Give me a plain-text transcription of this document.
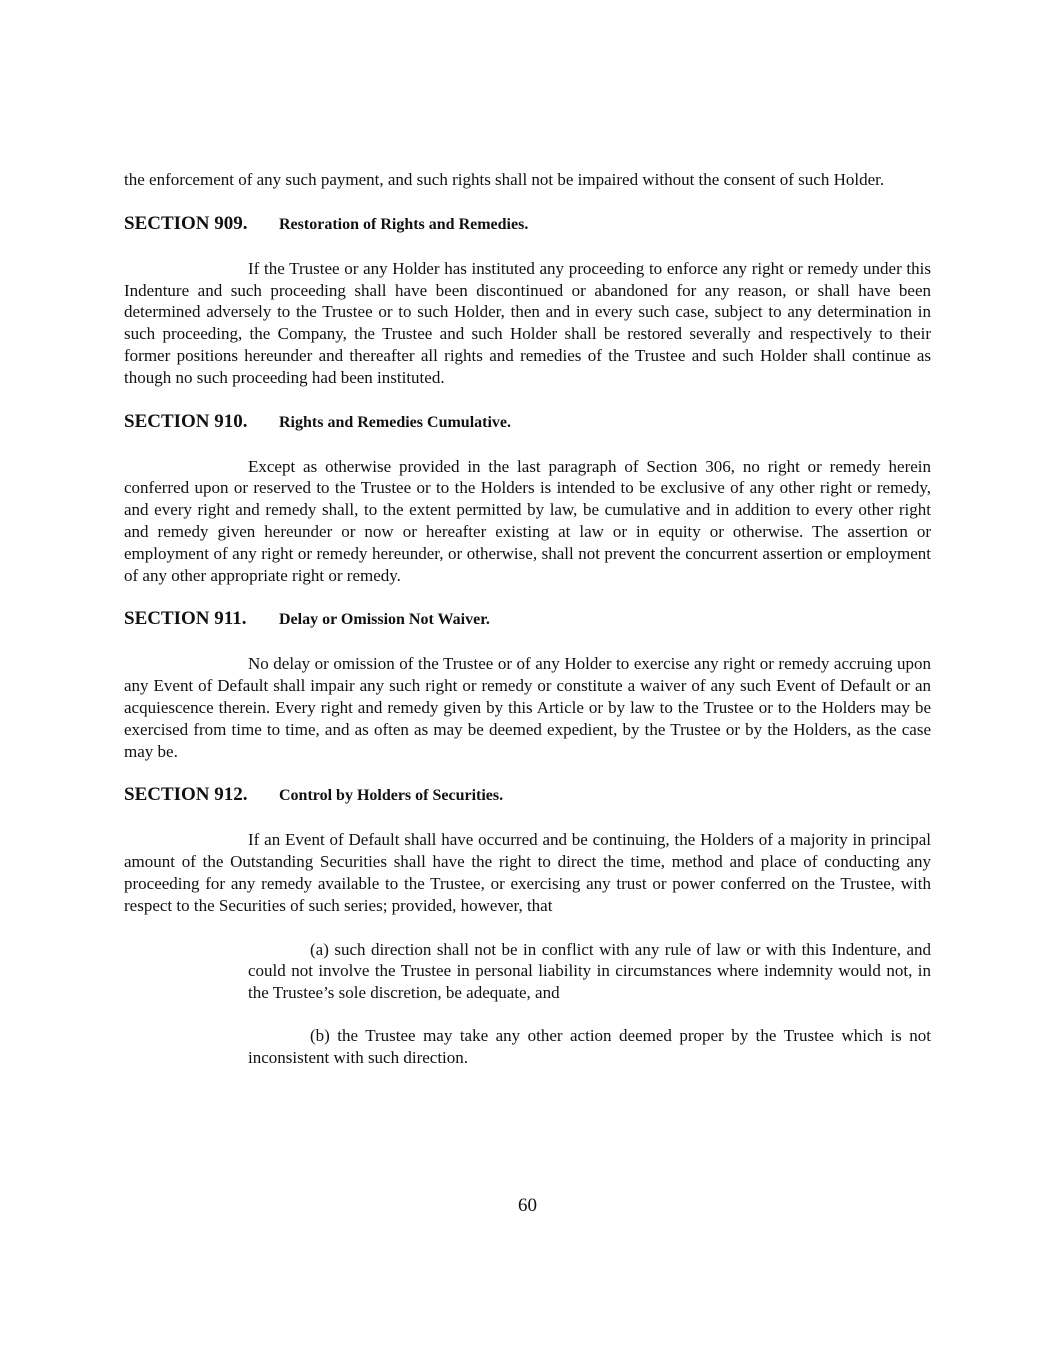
the enforcement of any such payment, and such rights shall not be impaired without the consent of such Holder.

SECTION 909.	Restoration of Rights and Remedies.

If the Trustee or any Holder has instituted any proceeding to enforce any right or remedy under this Indenture and such proceeding shall have been discontinued or abandoned for any reason, or shall have been determined adversely to the Trustee or to such Holder, then and in every such case, subject to any determination in such proceeding, the Company, the Trustee and such Holder shall be restored severally and respectively to their former positions hereunder and thereafter all rights and remedies of the Trustee and such Holder shall continue as though no such proceeding had been instituted.

SECTION 910.	Rights and Remedies Cumulative.

Except as otherwise provided in the last paragraph of Section 306, no right or remedy herein conferred upon or reserved to the Trustee or to the Holders is intended to be exclusive of any other right or remedy, and every right and remedy shall, to the extent permitted by law, be cumulative and in addition to every other right and remedy given hereunder or now or hereafter existing at law or in equity or otherwise. The assertion or employment of any right or remedy hereunder, or otherwise, shall not prevent the concurrent assertion or employment of any other appropriate right or remedy.

SECTION 911.	Delay or Omission Not Waiver.

No delay or omission of the Trustee or of any Holder to exercise any right or remedy accruing upon any Event of Default shall impair any such right or remedy or constitute a waiver of any such Event of Default or an acquiescence therein. Every right and remedy given by this Article or by law to the Trustee or to the Holders may be exercised from time to time, and as often as may be deemed expedient, by the Trustee or by the Holders, as the case may be.

SECTION 912.	Control by Holders of Securities.

If an Event of Default shall have occurred and be continuing, the Holders of a majority in principal amount of the Outstanding Securities shall have the right to direct the time, method and place of conducting any proceeding for any remedy available to the Trustee, or exercising any trust or power conferred on the Trustee, with respect to the Securities of such series; provided, however, that

(a) such direction shall not be in conflict with any rule of law or with this Indenture, and could not involve the Trustee in personal liability in circumstances where indemnity would not, in the Trustee’s sole discretion, be adequate, and

(b) the Trustee may take any other action deemed proper by the Trustee which is not inconsistent with such direction.

60
